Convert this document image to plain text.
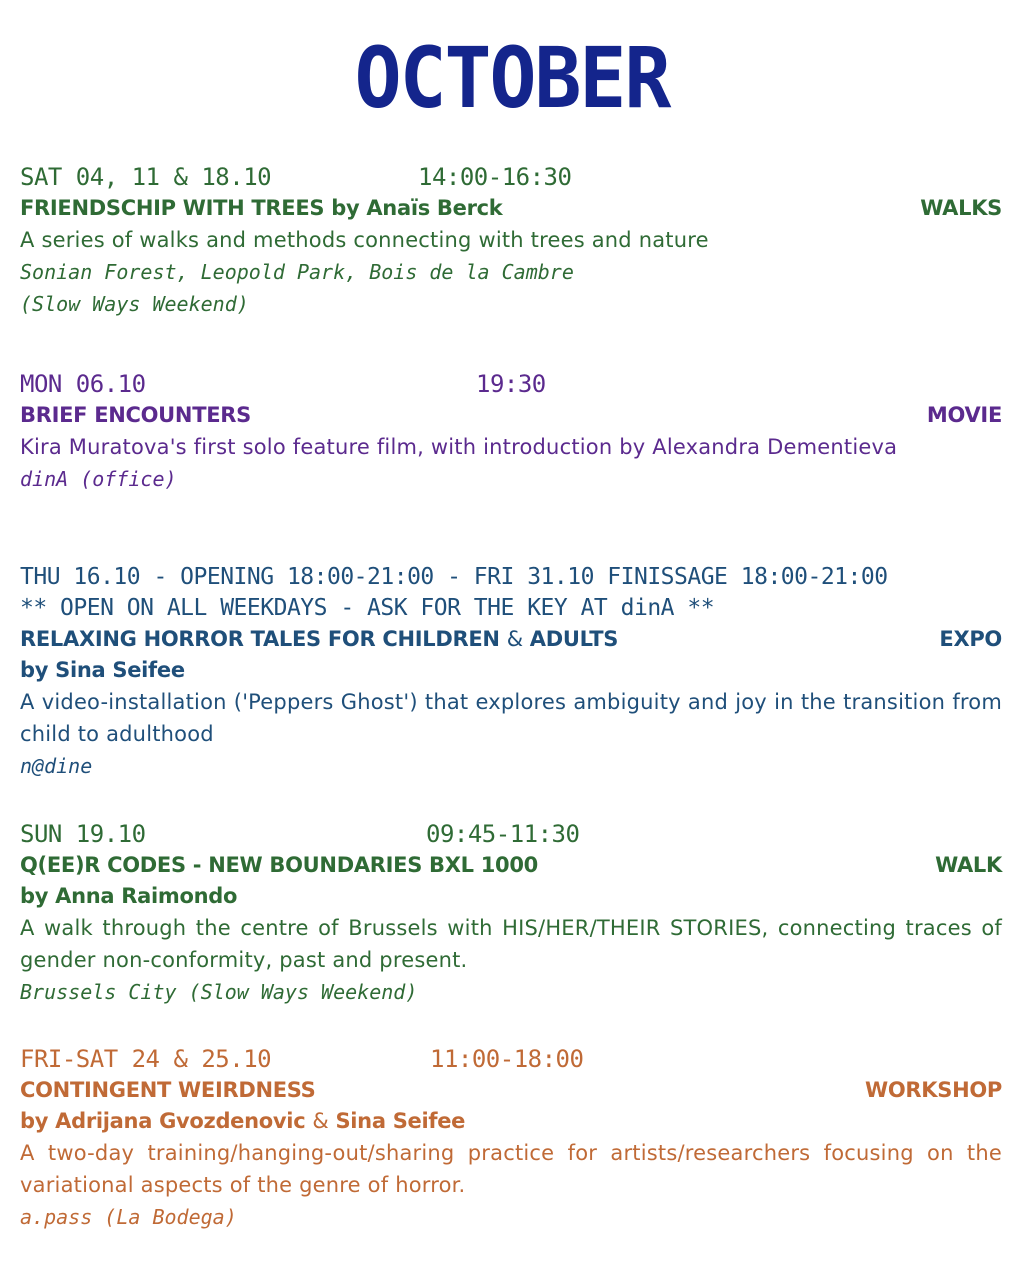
OCTOBER
SAT 04, 11 & 18.10	14:00-16:30
FRIENDSCHIP WITH TREES by Anaïs Berck	WALKS
A series of walks and methods connecting with trees and nature
Sonian Forest, Leopold Park, Bois de la Cambre
(Slow Ways Weekend)
MON 06.10	19:30
BRIEF ENCOUNTERS	MOVIE
Kira Muratova's first solo feature film, with introduction by Alexandra Dementieva
dinA (office)
THU 16.10 - OPENING 18:00-21:00 - FRI 31.10 FINISSAGE 18:00-21:00
** OPEN ON ALL WEEKDAYS - ASK FOR THE KEY AT dinA **
RELAXING HORROR TALES FOR CHILDREN & ADULTS	EXPO
by Sina Seifee
A video-installation ('Peppers Ghost') that explores ambiguity and joy in the transition from child to adulthood
n@dine
SUN 19.10	09:45-11:30
Q(EE)R CODES - NEW BOUNDARIES BXL 1000	WALK
by Anna Raimondo
A walk through the centre of Brussels with HIS/HER/THEIR STORIES, connecting traces of gender non-conformity, past and present.
Brussels City (Slow Ways Weekend)
FRI-SAT 24 & 25.10	11:00-18:00
CONTINGENT WEIRDNESS	WORKSHOP
by Adrijana Gvozdenovic & Sina Seifee
A two-day training/hanging-out/sharing practice for artists/researchers focusing on the variational aspects of the genre of horror.
a.pass (La Bodega)
